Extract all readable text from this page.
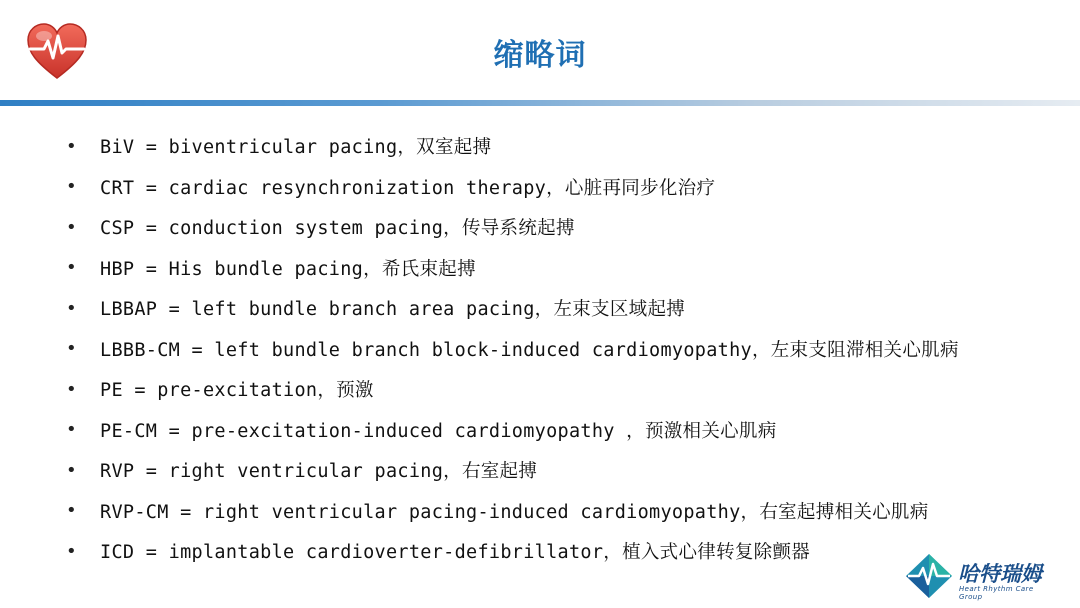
缩略词
•	BiV = biventricular pacing，双室起搏
•	CRT = cardiac resynchronization therapy，心脏再同步化治疗
•	CSP = conduction system pacing，传导系统起搏
•	HBP = His bundle pacing，希氏束起搏
•	LBBAP = left bundle branch area pacing，左束支区域起搏
•	LBBB-CM = left bundle branch block-induced cardiomyopathy，左束支阻滞相关心肌病
•	PE = pre-excitation，预激
•	PE-CM = pre-excitation-induced cardiomyopathy ，预激相关心肌病
•	RVP = right ventricular pacing，右室起搏
•	RVP-CM = right ventricular pacing-induced cardiomyopathy，右室起搏相关心肌病
•	ICD = implantable cardioverter-defibrillator，植入式心律转复除颤器
哈特瑞姆
Heart Rhythm Care Group
